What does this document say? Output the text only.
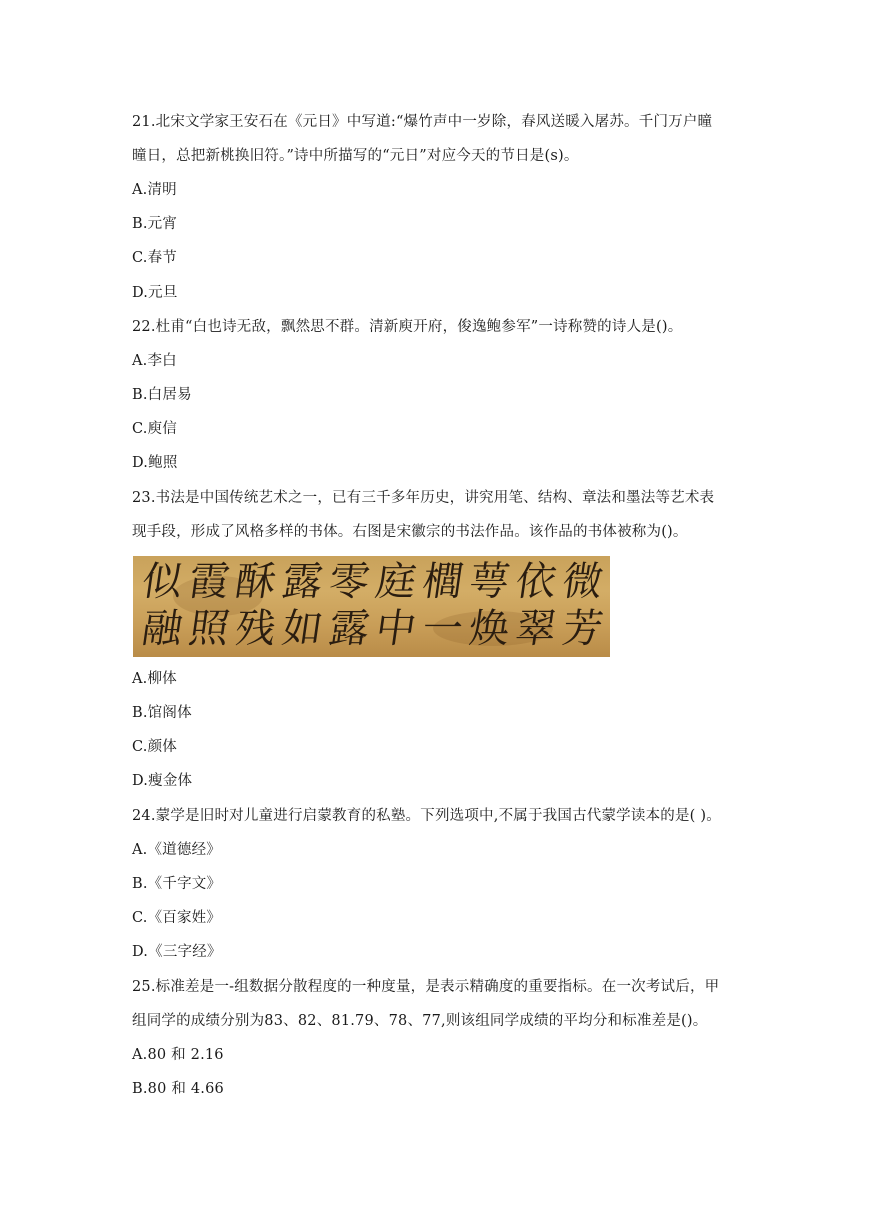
21.北宋文学家王安石在《元日》中写道:“爆竹声中一岁除，春风送暖入屠苏。千门万户曈
曈日，总把新桃换旧符。”诗中所描写的“元日”对应今天的节日是(s)。
A.清明
B.元宵
C.春节
D.元旦
22.杜甫“白也诗无敌，飘然思不群。清新庾开府，俊逸鲍参军”一诗称赞的诗人是()。
A.李白
B.白居易
C.庾信
D.鲍照
23.书法是中国传统艺术之一，已有三千多年历史，讲究用笔、结构、章法和墨法等艺术表
现手段，形成了风格多样的书体。右图是宋徽宗的书法作品。该作品的书体被称为()。
似 霞 酥 露 零 庭 櫚 萼 依 微
融 照 残 如 露 中 一 焕 翠 芳
A.柳体
B.馆阁体
C.颜体
D.瘦金体
24.蒙学是旧时对儿童进行启蒙教育的私塾。下列选项中,不属于我国古代蒙学读本的是( )。
A.《道德经》
B.《千字文》
C.《百家姓》
D.《三字经》
25.标准差是一-组数据分散程度的一种度量，是表示精确度的重要指标。在一次考试后，甲
组同学的成绩分别为83、82、81.79、78、77,则该组同学成绩的平均分和标准差是()。
A.80 和 2.16
B.80 和 4.66
